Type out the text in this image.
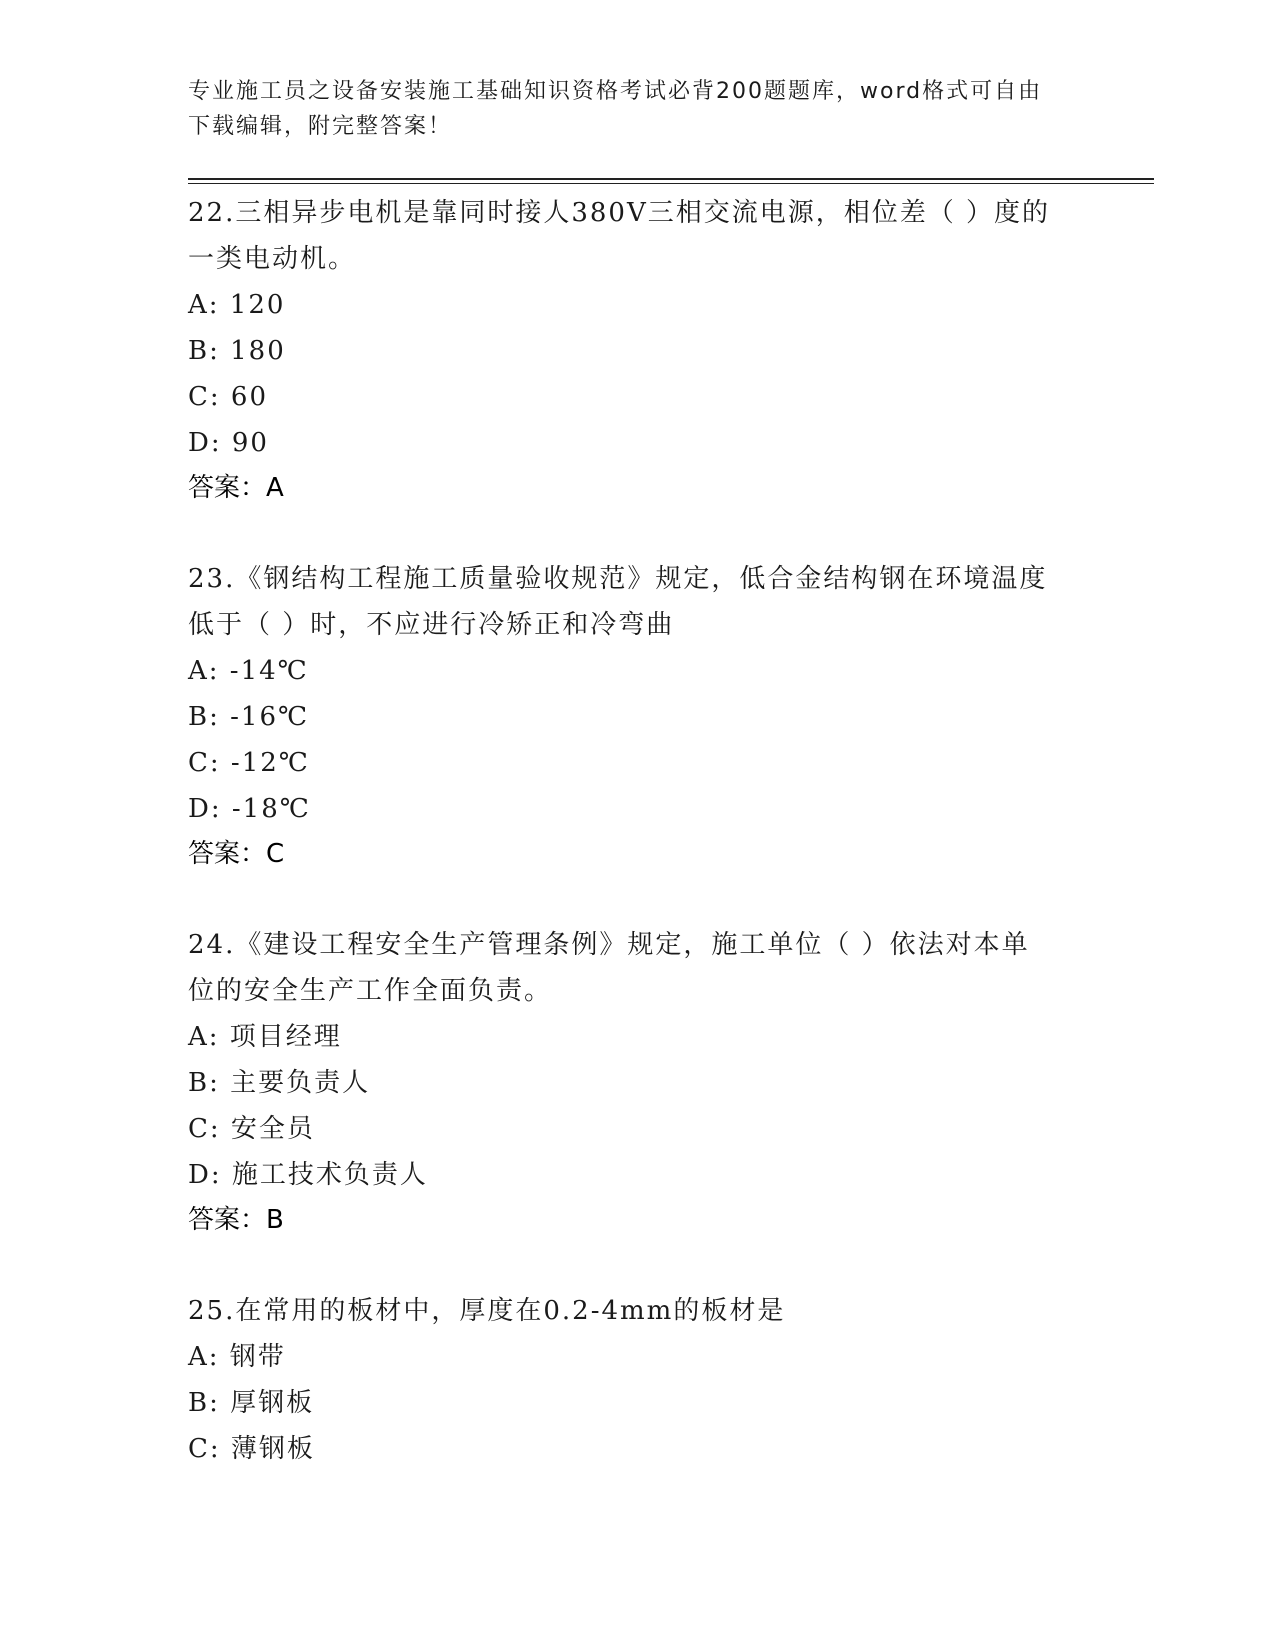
专业施工员之设备安装施工基础知识资格考试必背200题题库，word格式可自由
下载编辑，附完整答案！
22.三相异步电机是靠同时接人380V三相交流电源，相位差（ ）度的
一类电动机。
A: 120
B: 180
C: 60
D: 90
答案：A
23.《钢结构工程施工质量验收规范》规定，低合金结构钢在环境温度
低于（ ）时，不应进行冷矫正和冷弯曲
A: -14℃
B: -16℃
C: -12℃
D: -18℃
答案：C
24.《建设工程安全生产管理条例》规定，施工单位（ ）依法对本单
位的安全生产工作全面负责。
A: 项目经理
B: 主要负责人
C: 安全员
D: 施工技术负责人
答案：B
25.在常用的板材中，厚度在0.2-4mm的板材是
A: 钢带
B: 厚钢板
C: 薄钢板
